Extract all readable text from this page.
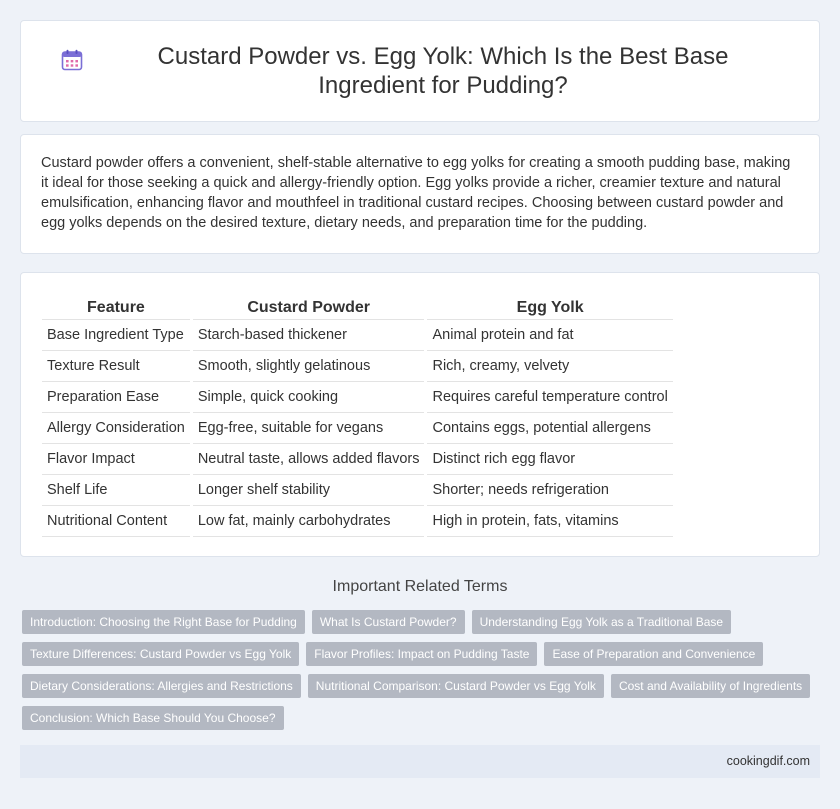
Custard Powder vs. Egg Yolk: Which Is the Best Base Ingredient for Pudding?

Custard powder offers a convenient, shelf-stable alternative to egg yolks for creating a smooth pudding base, making it ideal for those seeking a quick and allergy-friendly option. Egg yolks provide a richer, creamier texture and natural emulsification, enhancing flavor and mouthfeel in traditional custard recipes. Choosing between custard powder and egg yolks depends on the desired texture, dietary needs, and preparation time for the pudding.

Feature	Custard Powder	Egg Yolk
Base Ingredient Type	Starch-based thickener	Animal protein and fat
Texture Result	Smooth, slightly gelatinous	Rich, creamy, velvety
Preparation Ease	Simple, quick cooking	Requires careful temperature control
Allergy Consideration	Egg-free, suitable for vegans	Contains eggs, potential allergens
Flavor Impact	Neutral taste, allows added flavors	Distinct rich egg flavor
Shelf Life	Longer shelf stability	Shorter; needs refrigeration
Nutritional Content	Low fat, mainly carbohydrates	High in protein, fats, vitamins
Important Related Terms
Introduction: Choosing the Right Base for Pudding	What Is Custard Powder?	Understanding Egg Yolk as a Traditional Base
Texture Differences: Custard Powder vs Egg Yolk	Flavor Profiles: Impact on Pudding Taste	Ease of Preparation and Convenience
Dietary Considerations: Allergies and Restrictions	Nutritional Comparison: Custard Powder vs Egg Yolk	Cost and Availability of Ingredients
Conclusion: Which Base Should You Choose?
cookingdif.com
